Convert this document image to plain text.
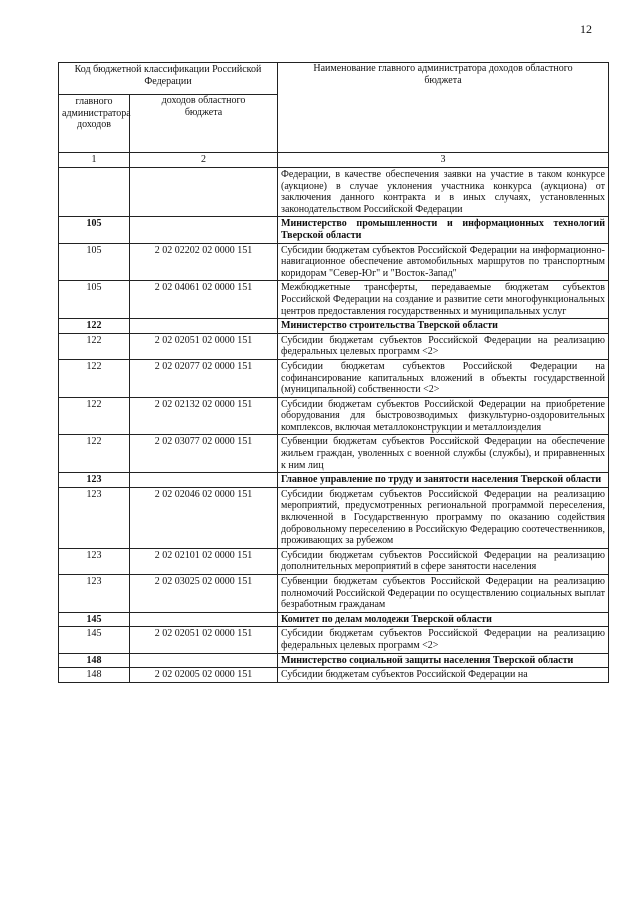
12
Код бюджетной классификации Российской Федерации		Наименование главного администратора доходов областного бюджета
главного администратора доходов	доходов областного бюджета	
1	2	3
		Федерации, в качестве обеспечения заявки на участие в таком конкурсе (аукционе) в случае уклонения участника конкурса (аукциона) от заключения данного контракта и в иных случаях, установленных законодательством Российской Федерации
105		Министерство промышленности и информационных технологий Тверской области
105	2 02 02202 02 0000 151	Субсидии бюджетам субъектов Российской Федерации на информационно-навигационное обеспечение автомобильных маршрутов по транспортным коридорам "Север-Юг" и "Восток-Запад"
105	2 02 04061 02 0000 151	Межбюджетные трансферты, передаваемые бюджетам субъектов Российской Федерации на создание и развитие сети многофункциональных центров предоставления государственных и муниципальных услуг
122		Министерство строительства Тверской области
122	2 02 02051 02 0000 151	Субсидии бюджетам субъектов Российской Федерации на реализацию федеральных целевых программ <2>
122	2 02 02077 02 0000 151	Субсидии бюджетам субъектов Российской Федерации на софинансирование капитальных вложений в объекты государственной (муниципальной) собственности <2>
122	2 02 02132 02 0000 151	Субсидии бюджетам субъектов Российской Федерации на приобретение оборудования для быстровозводимых физкультурно-оздоровительных комплексов, включая металлоконструкции и металлоизделия
122	2 02 03077 02 0000 151	Субвенции бюджетам субъектов Российской Федерации на обеспечение жильем граждан, уволенных с военной службы (службы), и приравненных к ним лиц
123		Главное управление по труду и занятости населения Тверской области
123	2 02 02046 02 0000 151	Субсидии бюджетам субъектов Российской Федерации на реализацию мероприятий, предусмотренных региональной программой переселения, включенной в Государственную программу по оказанию содействия добровольному переселению в Российскую Федерацию соотечественников, проживающих за рубежом
123	2 02 02101 02 0000 151	Субсидии бюджетам субъектов Российской Федерации на реализацию дополнительных мероприятий в сфере занятости населения
123	2 02 03025 02 0000 151	Субвенции бюджетам субъектов Российской Федерации на реализацию полномочий Российской Федерации по осуществлению социальных выплат безработным гражданам
145		Комитет по делам молодежи Тверской области
145	2 02 02051 02 0000 151	Субсидии бюджетам субъектов Российской Федерации на реализацию федеральных целевых программ <2>
148		Министерство социальной защиты населения Тверской области
148	2 02 02005 02 0000 151	Субсидии бюджетам субъектов Российской Федерации на
